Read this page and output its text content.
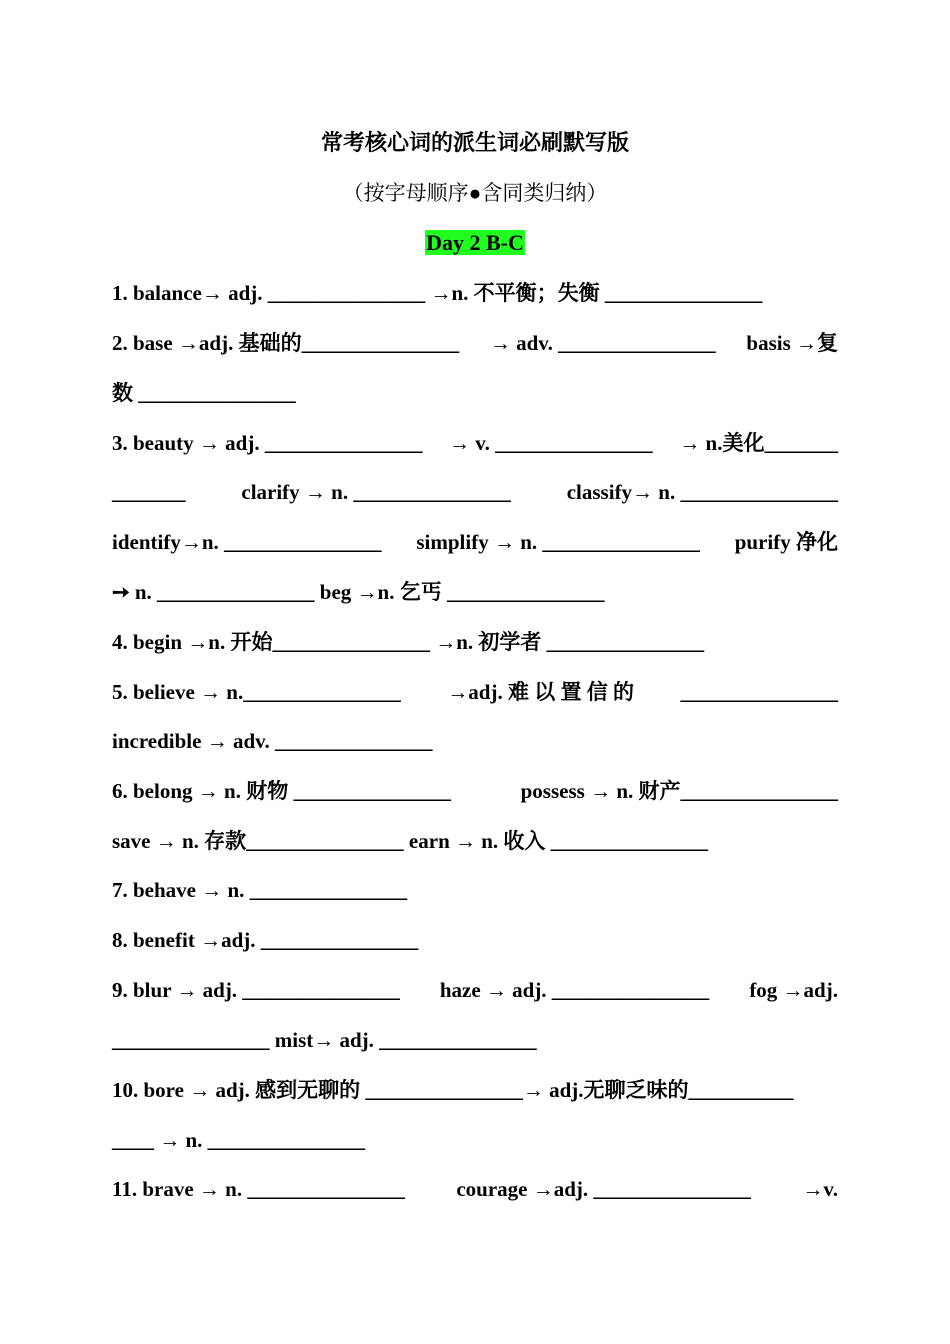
常考核心词的派生词必刷默写版
（按字母顺序●含同类归纳）
Day 2 B-C
1. balance→ adj. _______________ →n. 不平衡；失衡 _______________
2. base →adj. 基础的_______________ → adv. _______________ basis →复
数 _______________
3. beauty → adj. _______________ → v. _______________ → n.美化_______
_______	clarify → n. _______________	classify→ n. _______________
identify→n. _______________ simplify → n. _______________ purify 净化
➙ n. _______________ beg →n. 乞丐 _______________
4. begin →n. 开始_______________ →n. 初学者 _______________
5. believe → n._______________ →adj. 难 以 置 信 的 _______________
incredible → adv. _______________
6. belong → n. 财物 _______________	possess → n. 财产_______________
save → n. 存款_______________ earn → n. 收入 _______________
7. behave → n. _______________
8. benefit →adj. _______________
9. blur → adj. _______________ haze → adj. _______________ fog →adj.
_______________ mist→ adj. _______________
10. bore → adj. 感到无聊的 _______________→ adj.无聊乏味的__________
____ → n. _______________
11. brave → n. _______________ courage →adj. _______________ →v.
